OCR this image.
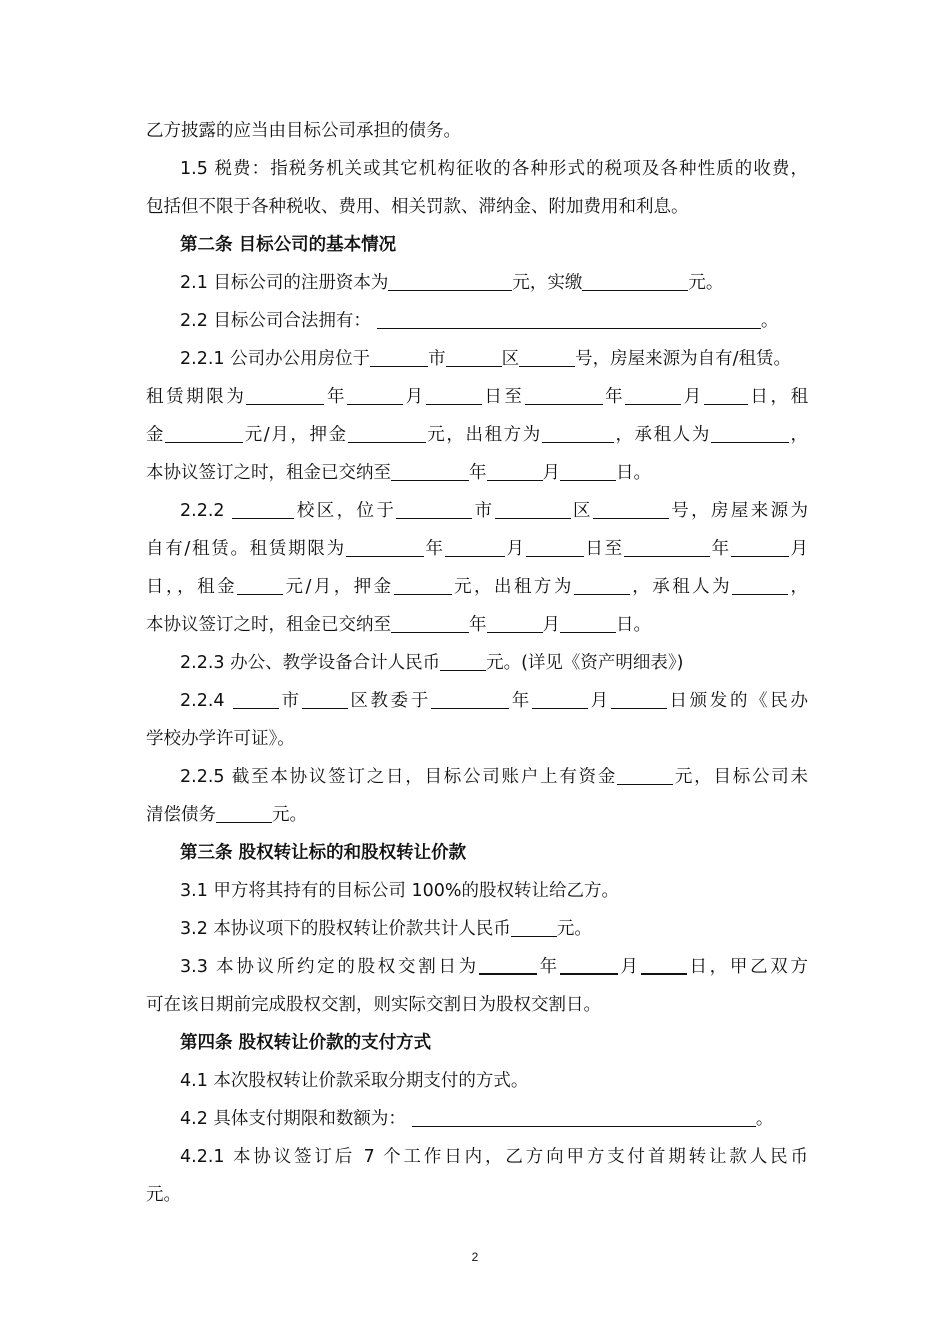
乙方披露的应当由目标公司承担的债务。
1.5 税费：指税务机关或其它机构征收的各种形式的税项及各种性质的收费，
包括但不限于各种税收、费用、相关罚款、滞纳金、附加费用和利息。
第二条 目标公司的基本情况
2.1 目标公司的注册资本为	元，实缴	元。
2.2 目标公司合法拥有：	。
2.2.1 公司办公用房位于	市	区	号，房屋来源为自有/租赁。
租赁期限为	年	月	日至	年	月	日，租
金	元/月，押金	元，出租方为	，承租人为	，
本协议签订之时，租金已交纳至	年	月	日。
2.2.2	校区，位于	市	区	号，房屋来源为
自有/租赁。租赁期限为	年	月	日至	年	月
日，，租金	元/月，押金	元，出租方为	，承租人为	，
本协议签订之时，租金已交纳至	年	月	日。
2.2.3 办公、教学设备合计人民币	元。(详见《资产明细表》)
2.2.4	市	区教委于	年	月	日颁发的《民办
学校办学许可证》。
2.2.5 截至本协议签订之日，目标公司账户上有资金	元，目标公司未
清偿债务	元。
第三条 股权转让标的和股权转让价款
3.1 甲方将其持有的目标公司 100%的股权转让给乙方。
3.2 本协议项下的股权转让价款共计人民币	元。
3.3 本协议所约定的股权交割日为	年	月	日，甲乙双方
可在该日期前完成股权交割，则实际交割日为股权交割日。
第四条 股权转让价款的支付方式
4.1 本次股权转让价款采取分期支付的方式。
4.2 具体支付期限和数额为：	。
4.2.1 本协议签订后 7 个工作日内，乙方向甲方支付首期转让款人民币
元。
2
